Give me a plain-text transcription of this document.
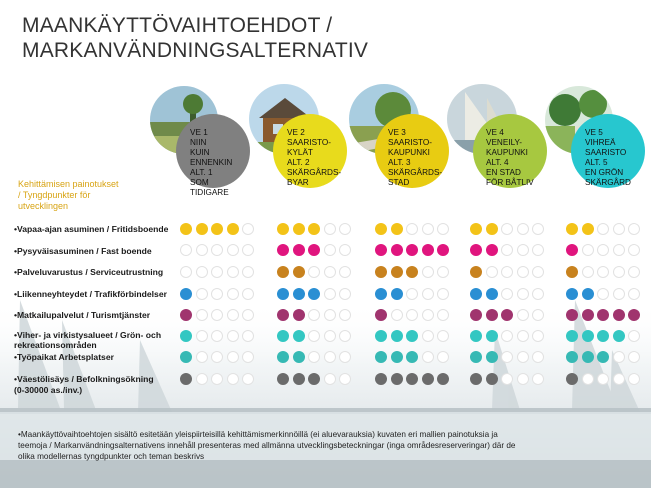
MAANKÄYTTÖVAIHTOEHDOT /
MARKANVÄNDNINGSALTERNATIV
Kehittämisen painotukset
/ Tyngdpunkter för
utvecklingen
VE 1
NIIN
KUIN
ENNENKIN
ALT. 1
SOM
TIDIGARE
VE 2
SAARISTO-
KYLÄT
ALT. 2
SKÄRGÅRDS-
BYAR
VE 3
SAARISTO-
KAUPUNKI
ALT. 3
SKÄRGÅRDS-
STAD
VE 4
VENEILY-
KAUPUNKI
ALT. 4
EN STAD
FÖR BÅTLIV
VE 5
VIHREÄ
SAARISTO
ALT. 5
EN GRÖN
SKÄRGÅRD
•Vapaa-ajan asuminen / Fritidsboende
•Pysyväisasuminen / Fast boende
•Palveluvarustus / Serviceutrustning
•Liikenneyhteydet / Trafikförbindelser
•Matkailupalvelut / Turismtjänster
•Viher- ja virkistysalueet / Grön- och
rekreationsområden
•Työpaikat Arbetsplatser
•Väestölisäys / Befolkningsökning
(0-30000 as./inv.)
•Maankäyttövaihtoehtojen sisältö esitetään yleispiirteisillä kehittämismerkinnöillä (ei aluevarauksia) kuvaten eri mallien painotuksia ja
teemoja / Markanvändningsalternativens innehåll presenteras med allmänna utvecklingsbeteckningar (inga områdesreserveringar) där de
olika modellernas tyngdpunkter och teman beskrivs
